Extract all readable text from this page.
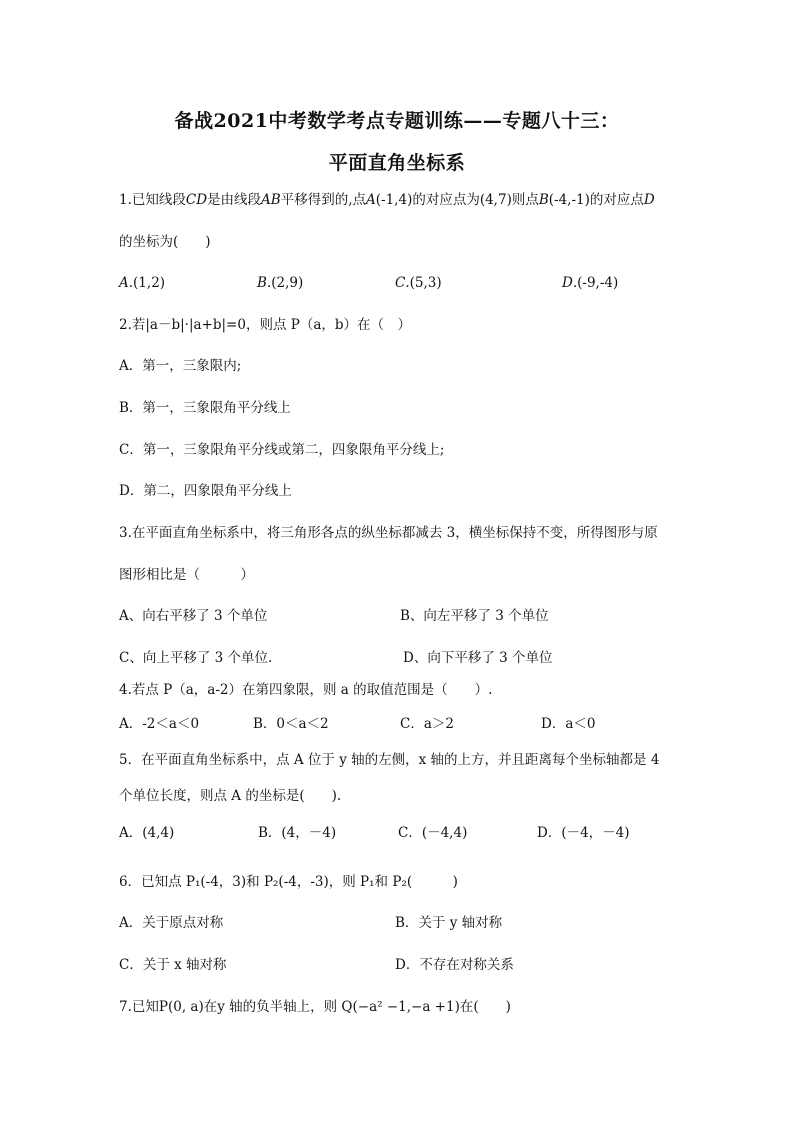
备战2021中考数学考点专题训练——专题八十三：
平面直角坐标系
1.已知线段CD是由线段AB平移得到的,点A(-1,4)的对应点为(4,7)则点B(-4,-1)的对应点D
的坐标为(　　)
A.(1,2)	B.(2,9)	C.(5,3)	D.(-9,-4)
2.若|a－b|·|a+b|=0，则点 P（a，b）在（　）
A．第一，三象限内;
B．第一，三象限角平分线上
C．第一，三象限角平分线或第二，四象限角平分线上;
D．第二，四象限角平分线上
3.在平面直角坐标系中，将三角形各点的纵坐标都减去 3，横坐标保持不变，所得图形与原
图形相比是（　　　）
A、向右平移了 3 个单位	B、向左平移了 3 个单位
C、向上平移了 3 个单位.	D、向下平移了 3 个单位
4.若点 P（a，a-2）在第四象限，则 a 的取值范围是（　　）.
A．-2＜a＜0	B．0＜a＜2	C．a＞2	D．a＜0
5．在平面直角坐标系中，点 A 位于 y 轴的左侧，x 轴的上方，并且距离每个坐标轴都是 4
个单位长度，则点 A 的坐标是(　　).
A．(4,4)	B．(4，－4)	C．(－4,4)	D．(－4，－4)
6．已知点 P₁(-4，3)和 P₂(-4，-3)，则 P₁和 P₂(　　　)
A．关于原点对称	B．关于 y 轴对称
C．关于 x 轴对称	D．不存在对称关系
7.已知P(0, a)在y 轴的负半轴上，则 Q(−a² −1,−a +1)在(　　)
